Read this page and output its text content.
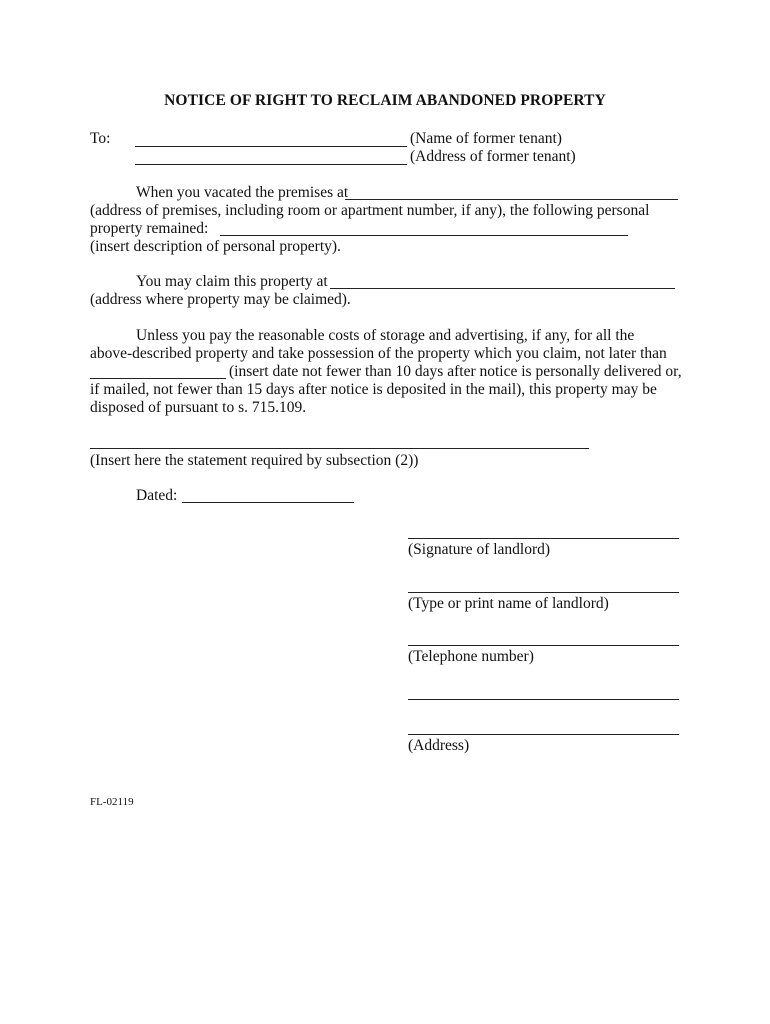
NOTICE OF RIGHT TO RECLAIM ABANDONED PROPERTY
To:	(Name of former tenant)
(Address of former tenant)
When you vacated the premises at
(address of premises, including room or apartment number, if any), the following personal
property remained:
(insert description of personal property).
You may claim this property at
(address where property may be claimed).
Unless you pay the reasonable costs of storage and advertising, if any, for all the
above-described property and take possession of the property which you claim, not later than
(insert date not fewer than 10 days after notice is personally delivered or,
if mailed, not fewer than 15 days after notice is deposited in the mail), this property may be
disposed of pursuant to s. 715.109.
(Insert here the statement required by subsection (2))
Dated:
(Signature of landlord)
(Type or print name of landlord)
(Telephone number)
(Address)
FL-02119
